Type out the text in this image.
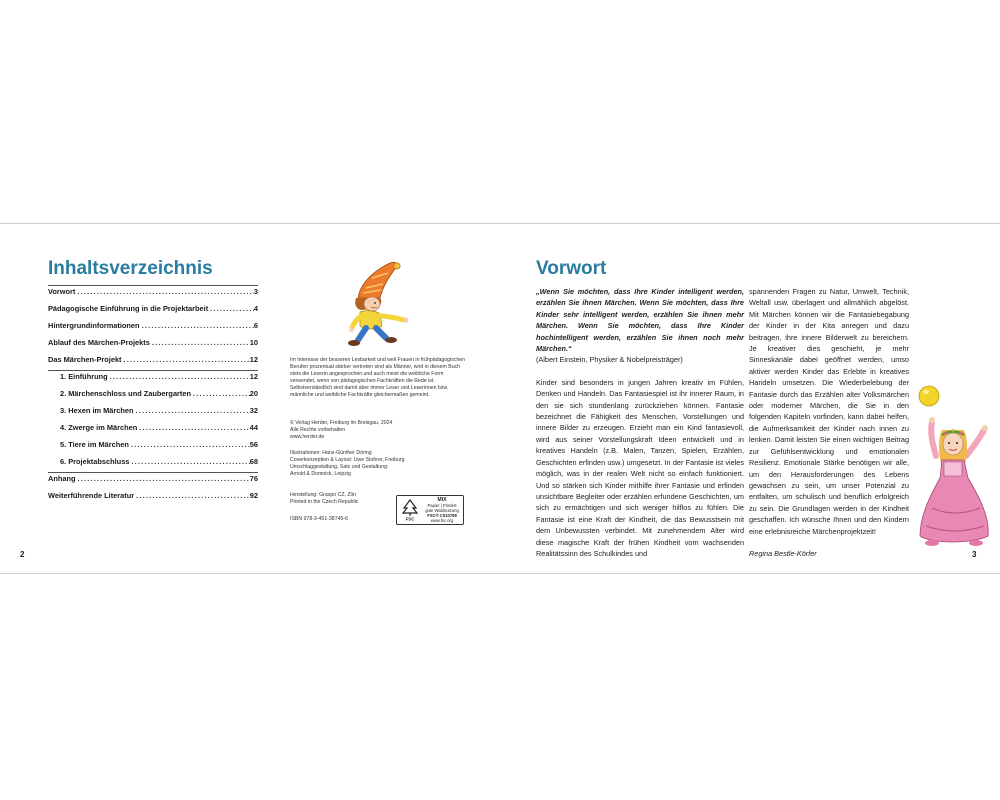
Inhaltsverzeichnis
Vorwort .....	3
Pädagogische Einführung in die Projektarbeit .....	4
Hintergrundinformationen .....	6
Ablauf des Märchen-Projekts .....	10
Das Märchen-Projekt .....	12
1. Einführung .....	12
2. Märchenschloss und Zaubergarten .....	20
3. Hexen im Märchen .....	32
4. Zwerge im Märchen .....	44
5. Tiere im Märchen .....	56
6. Projektabschluss .....	68
Anhang .....	76
Weiterführende Literatur .....	92

Im Interesse der besseren Lesbarkeit und weil Frauen in frühpädagogischen Berufen prozentual stärker vertreten sind als Männer, wird in diesem Buch stets die Leserin angesprochen und auch meist die weibliche Form verwendet, wenn von pädagogischen Fachkräften die Rede ist. Selbstverständlich sind damit aber immer Leser und Leserinnen bzw. männliche und weibliche Fachkräfte gleichermaßen gemeint.

© Verlag Herder, Freiburg im Breisgau, 2024

Alle Rechte vorbehalten

www.herder.de

Illustrationen: Hans-Günther Döring

Coverkonzeption & Layout: Uwe Stohrer, Freiburg

Umschlaggestaltung, Satz und Gestaltung:

Arnold & Domnick, Leipzig

Herstellung: Graspo CZ, Zlín

Printed in the Czech Republic

ISBN 978-3-451-38745-6	FSC
MIX
Papier | Fördert
gute Waldnutzung
FSC® C010798
www.fsc.org
2
Vorwort

„Wenn Sie möchten, dass Ihre Kinder intelligent werden, erzählen Sie ihnen Märchen. Wenn Sie möchten, dass Ihre Kinder sehr intelligent werden, erzählen Sie ihnen mehr Märchen. Wenn Sie möchten, dass Ihre Kinder hochintelligent werden, erzählen Sie ihnen noch mehr Märchen.“

(Albert Einstein, Physiker & Nobelpreisträger)

Kinder sind besonders in jungen Jahren kreativ im Fühlen, Denken und Handeln. Das Fantasiespiel ist ihr innerer Raum, in den sie sich stundenlang zurückziehen können. Fantasie bezeichnet die Fähigkeit des Menschen, Vorstellungen und innere Bilder zu erzeugen. Erzieht man ein Kind fantasievoll, wird aus seiner Vorstellungskraft Ideen entwickelt und in kreatives Handeln (z.B. Malen, Tanzen, Spielen, Erzählen, Geschichten erfinden usw.) umgesetzt. In der Fantasie ist vieles möglich, was in der realen Welt nicht so einfach funktioniert. Und so stärken sich Kinder mithilfe ihrer Fantasie und erfinden unsichtbare Begleiter oder erzählen erfundene Geschichten, um sich zu ermächtigen und sich weniger hilflos zu fühlen. Die Fantasie ist eine Kraft der Kindheit, die das Bewusstsein mit dem Unbewussten verbindet. Mit zunehmendem Alter wird diese magische Kraft der frühen Kindheit vom wachsenden Realitätssinn des Schulkindes und

spannenden Fragen zu Natur, Umwelt, Technik, Weltall usw. überlagert und allmählich abgelöst. Mit Märchen können wir die Fantasiebegabung der Kinder in der Kita anregen und dazu beitragen, ihre innere Bilderwelt zu bereichern. Je kreativer dies geschieht, je mehr Sinneskanäle dabei geöffnet werden, umso aktiver werden Kinder das Erlebte in kreatives Handeln umsetzen. Die Wiederbelebung der Fantasie durch das Erzählen alter Volksmärchen oder moderner Märchen, die Sie in den folgenden Kapiteln vorfinden, kann dabei helfen, die Aufmerksamkeit der Kinder nach innen zu lenken. Damit leisten Sie einen wichtigen Beitrag zur Gefühlsentwicklung und emotionalen Resilienz. Emotionale Stärke benötigen wir alle, um den Herausforderungen des Lebens gewachsen zu sein, um unser Potenzial zu entfalten, um schulisch und beruflich erfolgreich zu sein. Die Grundlagen werden in der Kindheit geschaffen. Ich wünsche Ihnen und den Kindern eine erlebnisreiche Märchenprojektzeit!

Regina Bestle-Körfer	3
